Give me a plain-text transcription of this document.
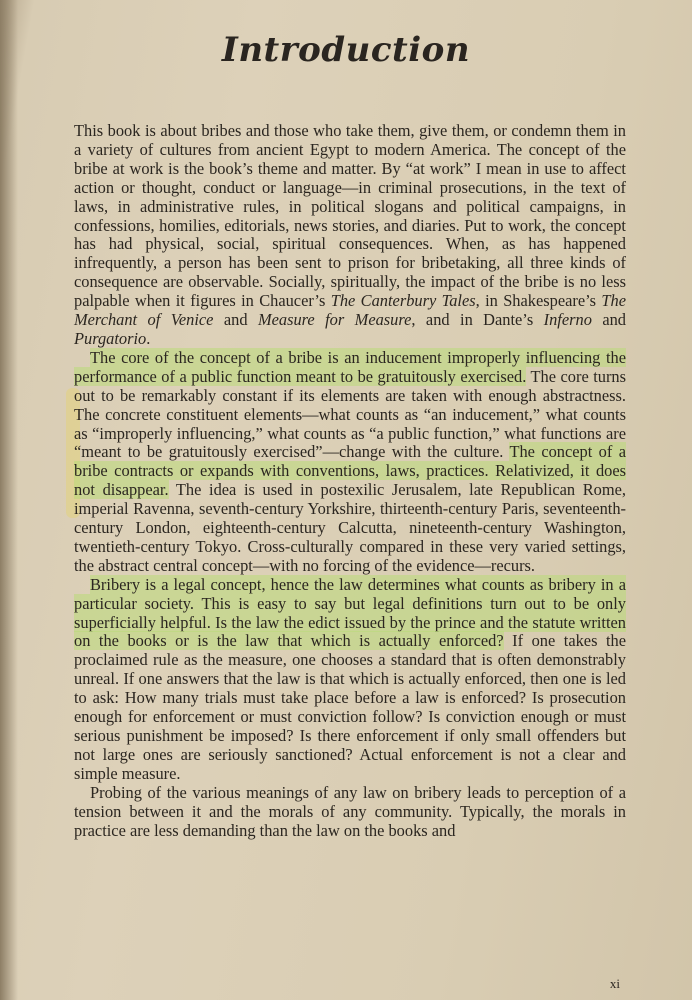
Introduction

This book is about bribes and those who take them, give them, or condemn them in a variety of cultures from ancient Egypt to modern America. The concept of the bribe at work is the book’s theme and matter. By “at work” I mean in use to affect action or thought, conduct or language—in criminal prosecutions, in the text of laws, in administrative rules, in political slogans and political campaigns, in confessions, homilies, editorials, news stories, and diaries. Put to work, the concept has had physical, social, spiritual consequences. When, as has happened infrequently, a person has been sent to prison for bribetaking, all three kinds of consequence are observable. Socially, spiritually, the impact of the bribe is no less palpable when it figures in Chaucer’s The Canterbury Tales, in Shakespeare’s The Merchant of Venice and Measure for Measure, and in Dante’s Inferno and Purgatorio.

The core of the concept of a bribe is an inducement improperly influencing the performance of a public function meant to be gratuitously exercised. The core turns out to be remarkably constant if its elements are taken with enough abstractness. The concrete constituent elements—what counts as “an inducement,” what counts as “improperly influencing,” what counts as “a public function,” what functions are “meant to be gratuitously exercised”—change with the culture. The concept of a bribe contracts or expands with conventions, laws, practices. Relativized, it does not disappear. The idea is used in postexilic Jerusalem, late Republican Rome, imperial Ravenna, seventh-century Yorkshire, thirteenth-century Paris, seventeenth-century London, eighteenth-century Calcutta, nineteenth-century Washington, twentieth-century Tokyo. Cross-culturally compared in these very varied settings, the abstract central concept—with no forcing of the evidence—recurs.

Bribery is a legal concept, hence the law determines what counts as bribery in a particular society. This is easy to say but legal definitions turn out to be only superficially helpful. Is the law the edict issued by the prince and the statute written on the books or is the law that which is actually enforced? If one takes the proclaimed rule as the measure, one chooses a standard that is often demonstrably unreal. If one answers that the law is that which is actually enforced, then one is led to ask: How many trials must take place before a law is enforced? Is prosecution enough for enforcement or must conviction follow? Is conviction enough or must serious punishment be imposed? Is there enforcement if only small offenders but not large ones are seriously sanctioned? Actual enforcement is not a clear and simple measure.

Probing of the various meanings of any law on bribery leads to perception of a tension between it and the morals of any community. Typically, the morals in practice are less demanding than the law on the books and

xi
